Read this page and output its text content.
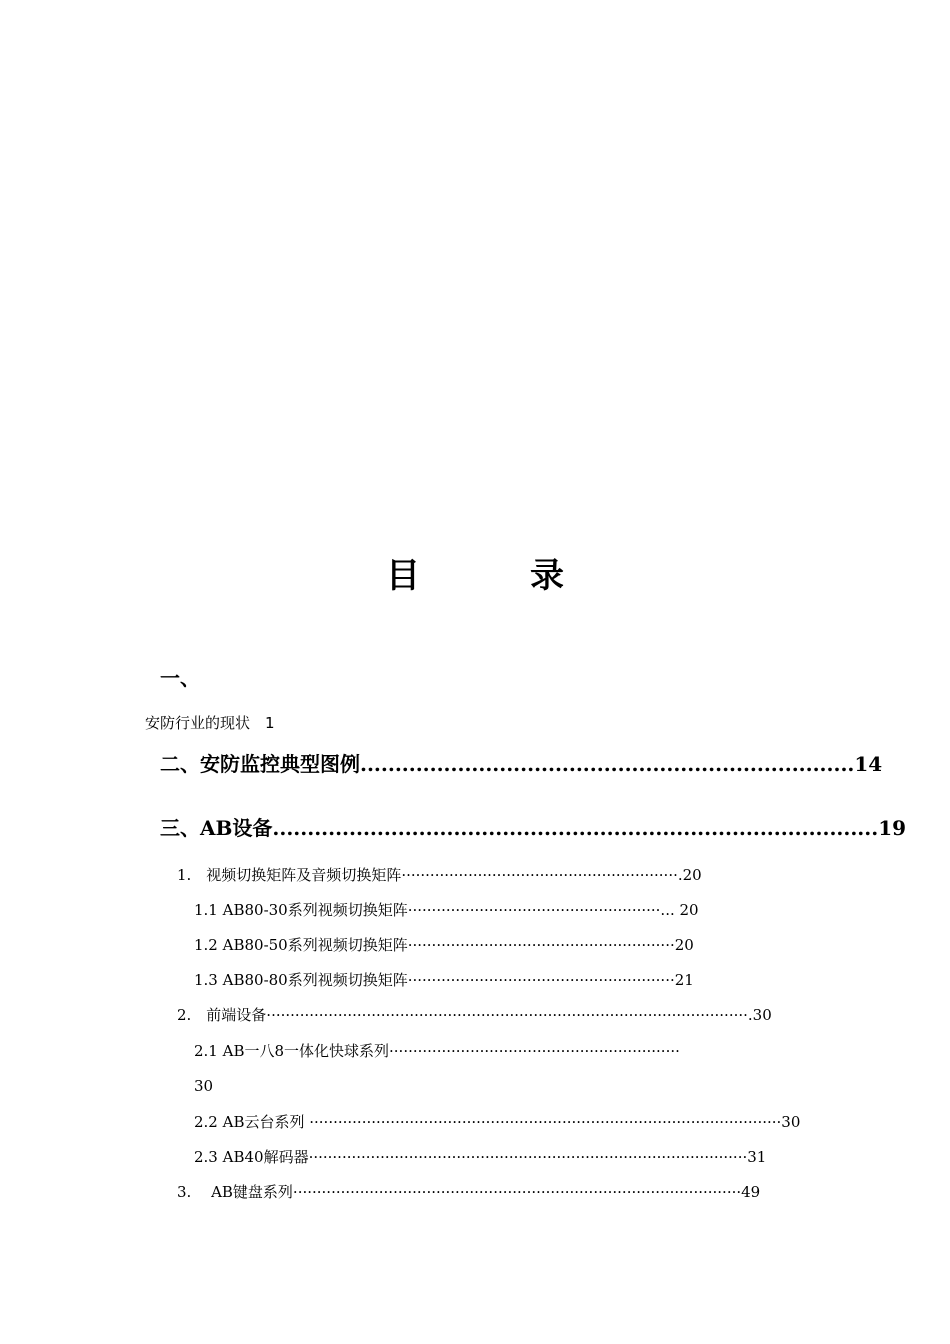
目　录
一、
安防行业的现状　1
二、安防监控典型图例.......................................................................14
三、AB设备.......................................................................................19
1.　视频切换矩阵及音频切换矩阵··························································.20
1.1 AB80-30系列视频切换矩阵·····················································... 20
1.2 AB80-50系列视频切换矩阵························································20
1.3 AB80-80系列视频切换矩阵························································21
2.　前端设备·····································································································.30
2.1 AB一八8一体化快球系列·····························································
30
2.2 AB云台系列 ···································································································30
2.3 AB40解码器····························································································31
3.　 AB键盘系列······························································································49
